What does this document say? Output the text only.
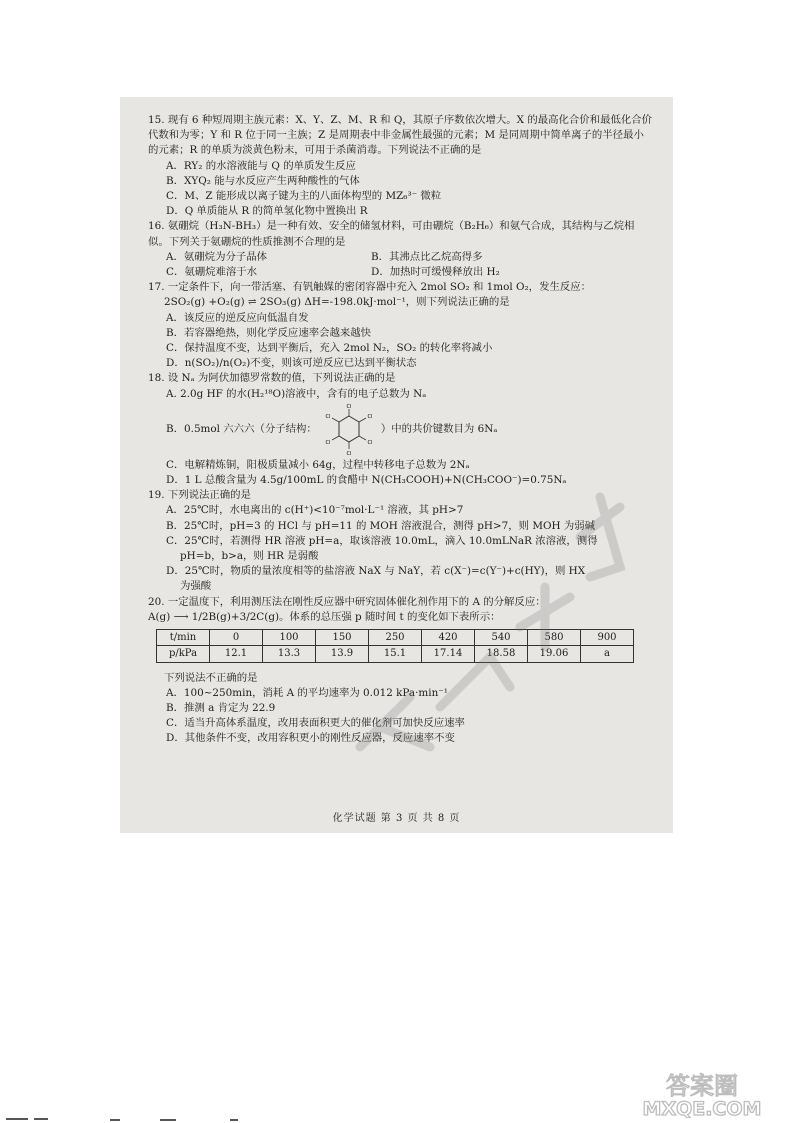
15. 现有 6 种短周期主族元素：X、Y、Z、M、R 和 Q，其原子序数依次增大。X 的最高化合价和最低化合价代数和为零；Y 和 R 位于同一主族；Z 是周期表中非金属性最强的元素；M 是同周期中简单离子的半径最小的元素；R 的单质为淡黄色粉末，可用于杀菌消毒。下列说法不正确的是

A．RY₂ 的水溶液能与 Q 的单质发生反应

B．XYQ₂ 能与水反应产生两种酸性的气体

C．M、Z 能形成以离子键为主的八面体构型的 MZ₆³⁻ 微粒

D．Q 单质能从 R 的简单氢化物中置换出 R

16. 氨硼烷（H₃N-BH₃）是一种有效、安全的储氢材料，可由硼烷（B₂H₆）和氨气合成，其结构与乙烷相似。下列关于氨硼烷的性质推测不合理的是

A．氨硼烷为分子晶体	B．其沸点比乙烷高得多
C．氨硼烷难溶于水	D．加热时可缓慢释放出 H₂

17. 一定条件下，向一带活塞、有钒触媒的密闭容器中充入 2mol SO₂ 和 1mol O₂，发生反应：

2SO₂(g) +O₂(g) ⇌ 2SO₃(g) ΔH=-198.0kJ·mol⁻¹，则下列说法正确的是

A．该反应的逆反应向低温自发

B．若容器绝热，则化学反应速率会越来越快

C．保持温度不变，达到平衡后，充入 2mol N₂，SO₂ 的转化率将减小

D．n(SO₂)/n(O₂)不变，则该可逆反应已达到平衡状态

18. 设 Nₐ 为阿伏加德罗常数的值，下列说法正确的是

A. 2.0g HF 的水(H₂¹⁸O)溶液中，含有的电子总数为 Nₐ

B．0.5mol 六六六（分子结构：
Cl
Cl
Cl
Cl
Cl
Cl
）中的共价键数目为 6Nₐ

C．电解精炼铜，阳极质量减小 64g，过程中转移电子总数为 2Nₐ

D．1 L 总酸含量为 4.5g/100mL 的食醋中 N(CH₃COOH)+N(CH₃COO⁻)=0.75Nₐ

19. 下列说法正确的是

A．25℃时，水电离出的 c(H⁺)<10⁻⁷mol·L⁻¹ 溶液，其 pH>7

B．25℃时，pH=3 的 HCl 与 pH=11 的 MOH 溶液混合，测得 pH>7，则 MOH 为弱碱

C．25℃时，若测得 HR 溶液 pH=a，取该溶液 10.0mL，滴入 10.0mLNaR 浓溶液，测得

pH=b，b>a，则 HR 是弱酸

D．25℃时，物质的量浓度相等的盐溶液 NaX 与 NaY，若 c(X⁻)=c(Y⁻)+c(HY)，则 HX

为强酸

20. 一定温度下，利用测压法在刚性反应器中研究固体催化剂作用下的 A 的分解反应：

A(g) ⟶ 1/2B(g)+3/2C(g)。体系的总压强 p 随时间 t 的变化如下表所示：

t/min	0	100	150	250	420	540	580	900
p/kPa	12.1	13.3	13.9	15.1	17.14	18.58	19.06	a

下列说法不正确的是

A．100~250min，消耗 A 的平均速率为 0.012 kPa·min⁻¹

B．推测 a 肯定为 22.9

C．适当升高体系温度，改用表面积更大的催化剂可加快反应速率

D．其他条件不变，改用容积更小的刚性反应器，反应速率不变

化学试题 第 3 页 共 8 页
答案圈
MXQE.COM
